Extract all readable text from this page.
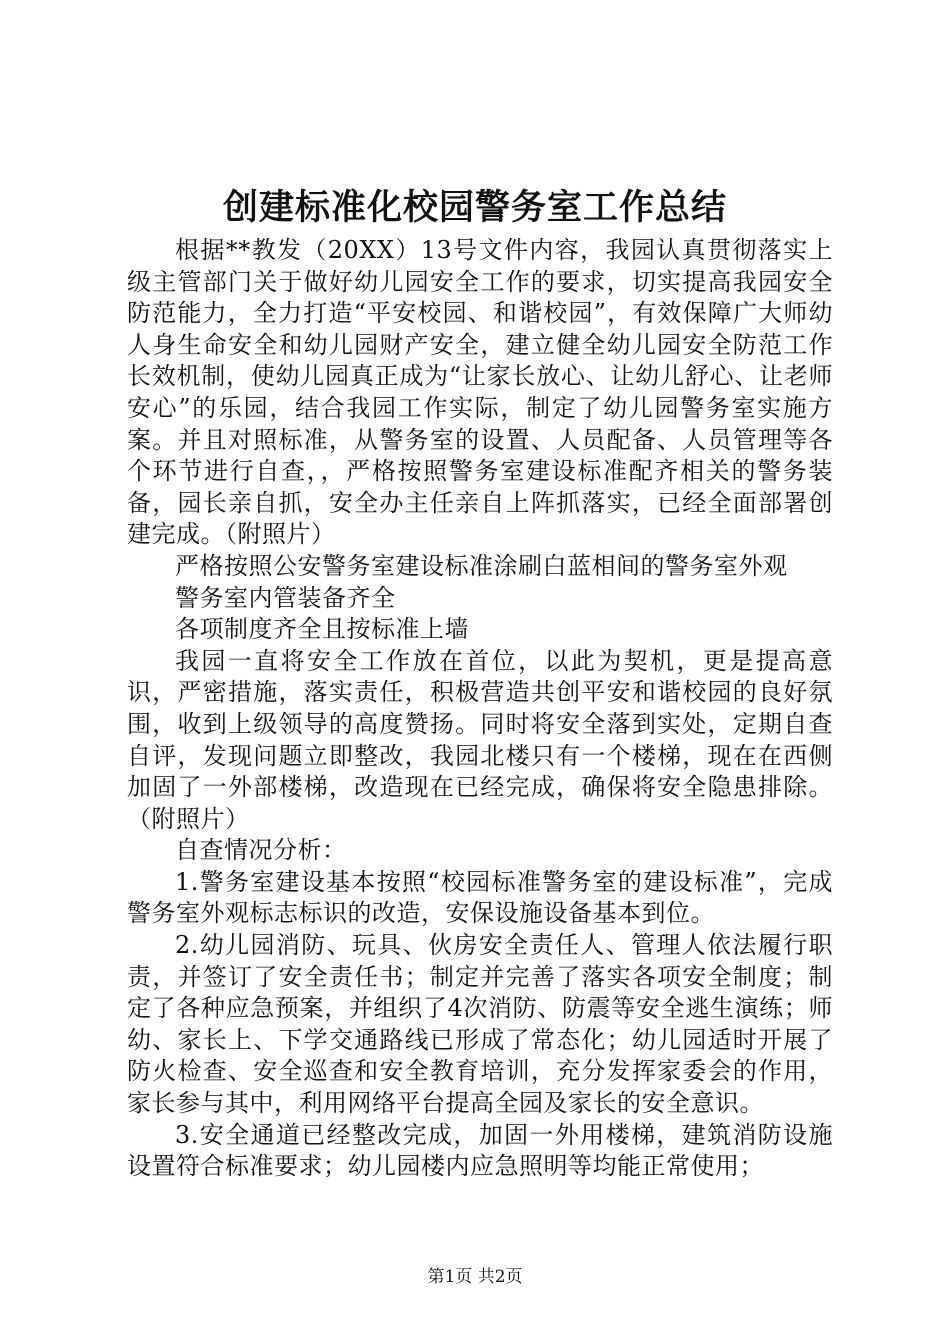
创建标准化校园警务室工作总结

根据**教发（20XX）13号文件内容，我园认真贯彻落实上级主管部门关于做好幼儿园安全工作的要求，切实提高我园安全防范能力，全力打造“平安校园、和谐校园”，有效保障广大师幼人身生命安全和幼儿园财产安全，建立健全幼儿园安全防范工作长效机制，使幼儿园真正成为“让家长放心、让幼儿舒心、让老师安心”的乐园，结合我园工作实际，制定了幼儿园警务室实施方案。并且对照标准，从警务室的设置、人员配备、人员管理等各个环节进行自查，，严格按照警务室建设标准配齐相关的警务装备，园长亲自抓，安全办主任亲自上阵抓落实，已经全面部署创建完成。（附照片）

严格按照公安警务室建设标准涂刷白蓝相间的警务室外观

警务室内管装备齐全

各项制度齐全且按标准上墙

我园一直将安全工作放在首位，以此为契机，更是提高意识，严密措施，落实责任，积极营造共创平安和谐校园的良好氛围，收到上级领导的高度赞扬。同时将安全落到实处，定期自查自评，发现问题立即整改，我园北楼只有一个楼梯，现在在西侧加固了一外部楼梯，改造现在已经完成，确保将安全隐患排除。（附照片）

自查情况分析：

1.警务室建设基本按照“校园标准警务室的建设标准”，完成警务室外观标志标识的改造，安保设施设备基本到位。

2.幼儿园消防、玩具、伙房安全责任人、管理人依法履行职责，并签订了安全责任书；制定并完善了落实各项安全制度；制定了各种应急预案，并组织了4次消防、防震等安全逃生演练；师幼、家长上、下学交通路线已形成了常态化；幼儿园适时开展了防火检查、安全巡查和安全教育培训，充分发挥家委会的作用，家长参与其中，利用网络平台提高全园及家长的安全意识。

3.安全通道已经整改完成，加固一外用楼梯，建筑消防设施设置符合标准要求；幼儿园楼内应急照明等均能正常使用；

第1页 共2页
